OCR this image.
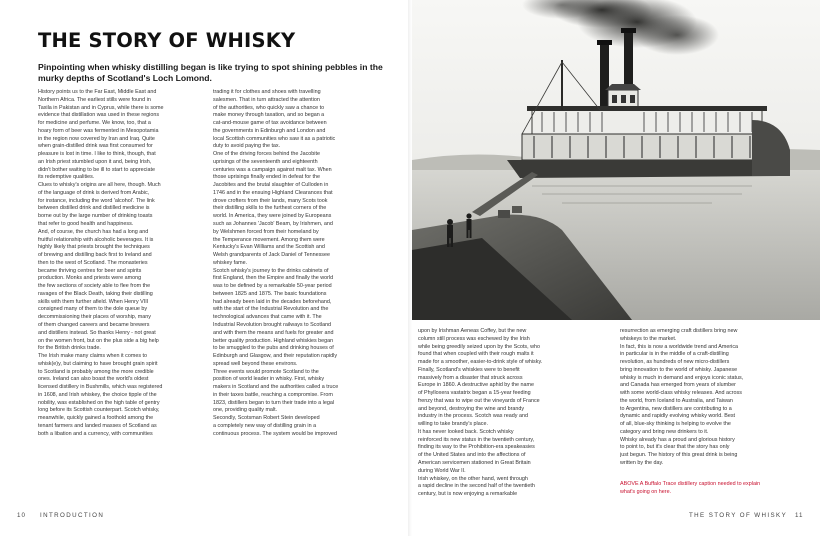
THE STORY OF WHISKY
Pinpointing when whisky distilling began is like trying to spot shining pebbles in the
murky depths of Scotland's Loch Lomond.
History points us to the Far East, Middle East and
Northern Africa. The earliest stills were found in
Taxila in Pakistan and in Cyprus, while there is some
evidence that distillation was used in these regions
for medicine and perfume. We know, too, that a
hoary form of beer was fermented in Mesopotamia
in the region now covered by Iran and Iraq. Quite
when grain-distilled drink was first consumed for
pleasure is lost in time. I like to think, though, that
an Irish priest stumbled upon it and, being Irish,
didn't bother waiting to be ill to start to appreciate
its redemptive qualities.
Clues to whisky's origins are all here, though. Much
of the language of drink is derived from Arabic,
for instance, including the word 'alcohol'. The link
between distilled drink and distilled medicine is
borne out by the large number of drinking toasts
that refer to good health and happiness.
And, of course, the church has had a long and
fruitful relationship with alcoholic beverages. It is
highly likely that priests brought the techniques
of brewing and distilling back first to Ireland and
then to the west of Scotland. The monasteries
became thriving centres for beer and spirits
production. Monks and priests were among
the few sections of society able to flee from the
ravages of the Black Death, taking their distilling
skills with them further afield. When Henry VIII
consigned many of them to the dole queue by
decommissioning their places of worship, many
of them changed careers and became brewers
and distillers instead. So thanks Henry - not great
on the women front, but on the plus side a big help
for the British drinks trade.
The Irish make many claims when it comes to
whisk(e)y, but claiming to have brought grain spirit
to Scotland is probably among the more credible
ones. Ireland can also boast the world's oldest
licensed distillery in Bushmills, which was registered
in 1608, and Irish whiskey, the choice tipple of the
nobility, was established on the high table of gentry
long before its Scottish counterpart. Scotch whisky,
meanwhile, quickly gained a foothold among the
tenant farmers and landed masses of Scotland as
both a libation and a currency, with communities
trading it for clothes and shoes with travelling
salesmen. That in turn attracted the attention
of the authorities, who quickly saw a chance to
make money through taxation, and so began a
cat-and-mouse game of tax avoidance between
the governments in Edinburgh and London and
local Scottish communities who saw it as a patriotic
duty to avoid paying the tax.
One of the driving forces behind the Jacobite
uprisings of the seventeenth and eighteenth
centuries was a campaign against malt tax. When
those uprisings finally ended in defeat for the
Jacobites and the brutal slaughter of Culloden in
1746 and in the ensuing Highland Clearances that
drove crofters from their lands, many Scots took
their distilling skills to the furthest corners of the
world. In America, they were joined by Europeans
such as Johannes 'Jacob' Beam, by Irishmen, and
by Welshmen forced from their homeland by
the Temperance movement. Among them were
Kentucky's Evan Williams and the Scottish and
Welsh grandparents of Jack Daniel of Tennessee
whiskey fame.
Scotch whisky's journey to the drinks cabinets of
first England, then the Empire and finally the world
was to be defined by a remarkable 50-year period
between 1825 and 1875. The basic foundations
had already been laid in the decades beforehand,
with the start of the Industrial Revolution and the
technological advances that came with it. The
Industrial Revolution brought railways to Scotland
and with them the means and fuels for greater and
better quality production. Highland whiskies began
to be smuggled to the pubs and drinking houses of
Edinburgh and Glasgow, and their reputation rapidly
spread well beyond these environs.
Three events would promote Scotland to the
position of world leader in whisky. First, whisky
makers in Scotland and the authorities called a truce
in their taxes battle, reaching a compromise. From
1823, distillers began to turn their trade into a legal
one, providing quality malt.
Secondly, Scotsman Robert Stein developed
a completely new way of distilling grain in a
continuous process. The system would be improved
upon by Irishman Aeneas Coffey, but the new
column still process was eschewed by the Irish
while being greedily seized upon by the Scots, who
found that when coupled with their rough malts it
made for a smoother, easier-to-drink style of whisky.
Finally, Scotland's whiskies were to benefit
massively from a disaster that struck across
Europe in 1860. A destructive aphid by the name
of Phylloxera vastatrix began a 15-year feeding
frenzy that was to wipe out the vineyards of France
and beyond, destroying the wine and brandy
industry in the process. Scotch was ready and
willing to take brandy's place.
It has never looked back. Scotch whisky
reinforced its new status in the twentieth century,
finding its way to the Prohibition-era speakeasies
of the United States and into the affections of
American servicemen stationed in Great Britain
during World War II.
Irish whiskey, on the other hand, went through
a rapid decline in the second half of the twentieth
century, but is now enjoying a remarkable
resurrection as emerging craft distillers bring new
whiskeys to the market.
In fact, this is now a worldwide trend and America
in particular is in the middle of a craft-distilling
revolution, as hundreds of new micro-distillers
bring innovation to the world of whisky. Japanese
whisky is much in demand and enjoys iconic status,
and Canada has emerged from years of slumber
with some world-class whisky releases. And across
the world, from Iceland to Australia, and Taiwan
to Argentina, new distillers are contributing to a
dynamic and rapidly evolving whisky world. Best
of all, blue-sky thinking is helping to evolve the
category and bring new drinkers to it.
Whisky already has a proud and glorious history
to point to, but it's clear that the story has only
just begun. The history of this great drink is being
written by the day.
ABOVE A Buffalo Trace distillery caption needed to explain
what's going on here.
10 INTRODUCTION	THE STORY OF WHISKY 11
